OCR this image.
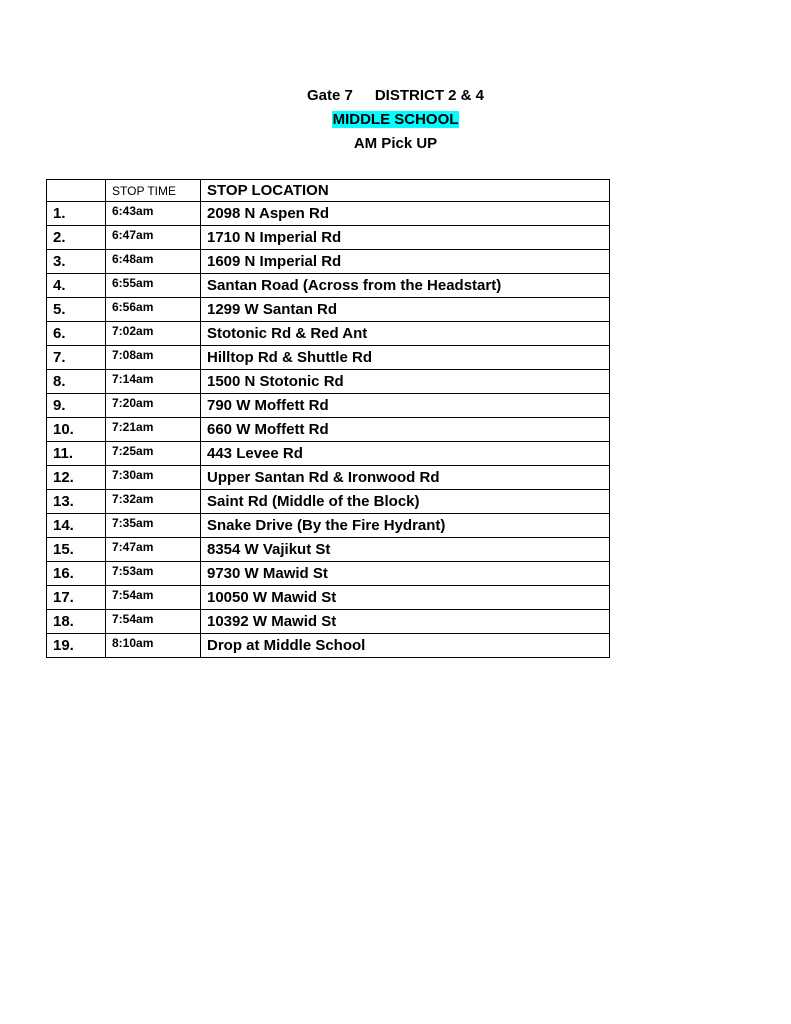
Gate 7 DISTRICT 2 & 4
MIDDLE SCHOOL
AM Pick UP
	STOP TIME	STOP LOCATION
1.	6:43am	2098 N Aspen Rd
2.	6:47am	1710 N Imperial Rd
3.	6:48am	1609 N Imperial Rd
4.	6:55am	Santan Road (Across from the Headstart)
5.	6:56am	1299 W Santan Rd
6.	7:02am	Stotonic Rd & Red Ant
7.	7:08am	Hilltop Rd & Shuttle Rd
8.	7:14am	1500 N Stotonic Rd
9.	7:20am	790 W Moffett Rd
10.	7:21am	660 W Moffett Rd
11.	7:25am	443 Levee Rd
12.	7:30am	Upper Santan Rd & Ironwood Rd
13.	7:32am	Saint Rd (Middle of the Block)
14.	7:35am	Snake Drive (By the Fire Hydrant)
15.	7:47am	8354 W Vajikut St
16.	7:53am	9730 W Mawid St
17.	7:54am	10050 W Mawid St
18.	7:54am	10392 W Mawid St
19.	8:10am	Drop at Middle School
